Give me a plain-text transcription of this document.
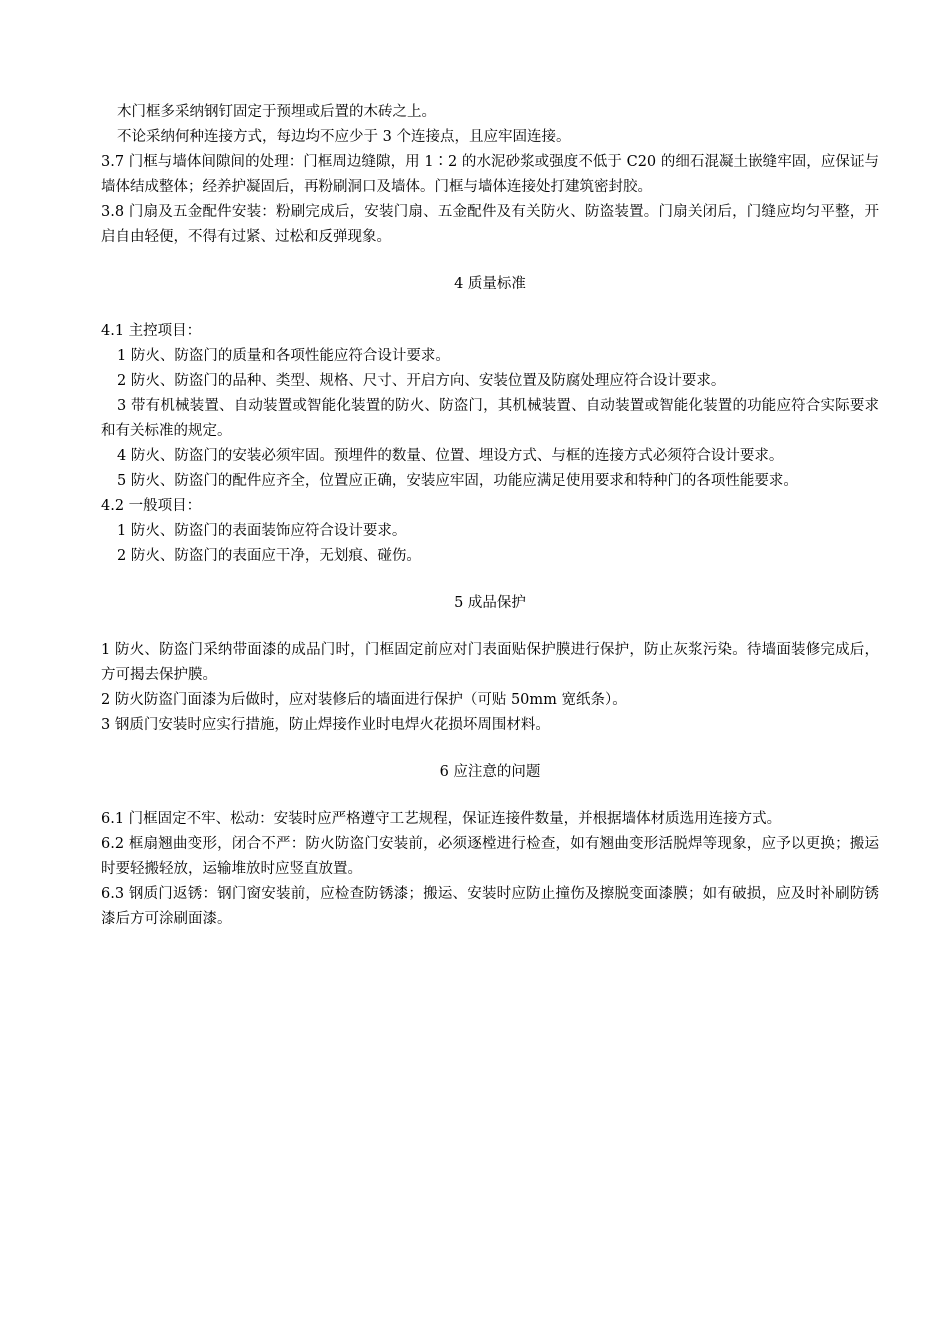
木门框多采纳钢钉固定于预埋或后置的木砖之上。

不论采纳何种连接方式，每边均不应少于 3 个连接点，且应牢固连接。

3.7 门框与墙体间隙间的处理：门框周边缝隙，用 1∶2 的水泥砂浆或强度不低于 C20 的细石混凝土嵌缝牢固，应保证与墙体结成整体；经养护凝固后，再粉刷洞口及墙体。门框与墙体连接处打建筑密封胶。

3.8 门扇及五金配件安装：粉刷完成后，安装门扇、五金配件及有关防火、防盗装置。门扇关闭后，门缝应均匀平整，开启自由轻便，不得有过紧、过松和反弹现象。

4 质量标准

4.1 主控项目：

1 防火、防盗门的质量和各项性能应符合设计要求。

2 防火、防盗门的品种、类型、规格、尺寸、开启方向、安装位置及防腐处理应符合设计要求。

3 带有机械装置、自动装置或智能化装置的防火、防盗门，其机械装置、自动装置或智能化装置的功能应符合实际要求和有关标准的规定。

4 防火、防盗门的安装必须牢固。预埋件的数量、位置、埋设方式、与框的连接方式必须符合设计要求。

5 防火、防盗门的配件应齐全，位置应正确，安装应牢固，功能应满足使用要求和特种门的各项性能要求。

4.2 一般项目：

1 防火、防盗门的表面装饰应符合设计要求。

2 防火、防盗门的表面应干净，无划痕、碰伤。

5 成品保护

1 防火、防盗门采纳带面漆的成品门时，门框固定前应对门表面贴保护膜进行保护，防止灰浆污染。待墙面装修完成后，方可揭去保护膜。

2 防火防盗门面漆为后做时，应对装修后的墙面进行保护（可贴 50mm 宽纸条）。

3 钢质门安装时应实行措施，防止焊接作业时电焊火花损坏周围材料。

6 应注意的问题

6.1 门框固定不牢、松动：安装时应严格遵守工艺规程，保证连接件数量，并根据墙体材质选用连接方式。

6.2 框扇翘曲变形，闭合不严：防火防盗门安装前，必须逐樘进行检查，如有翘曲变形活脱焊等现象，应予以更换；搬运时要轻搬轻放，运输堆放时应竖直放置。

6.3 钢质门返锈：钢门窗安装前，应检查防锈漆；搬运、安装时应防止撞伤及擦脱变面漆膜；如有破损，应及时补刷防锈漆后方可涂刷面漆。
